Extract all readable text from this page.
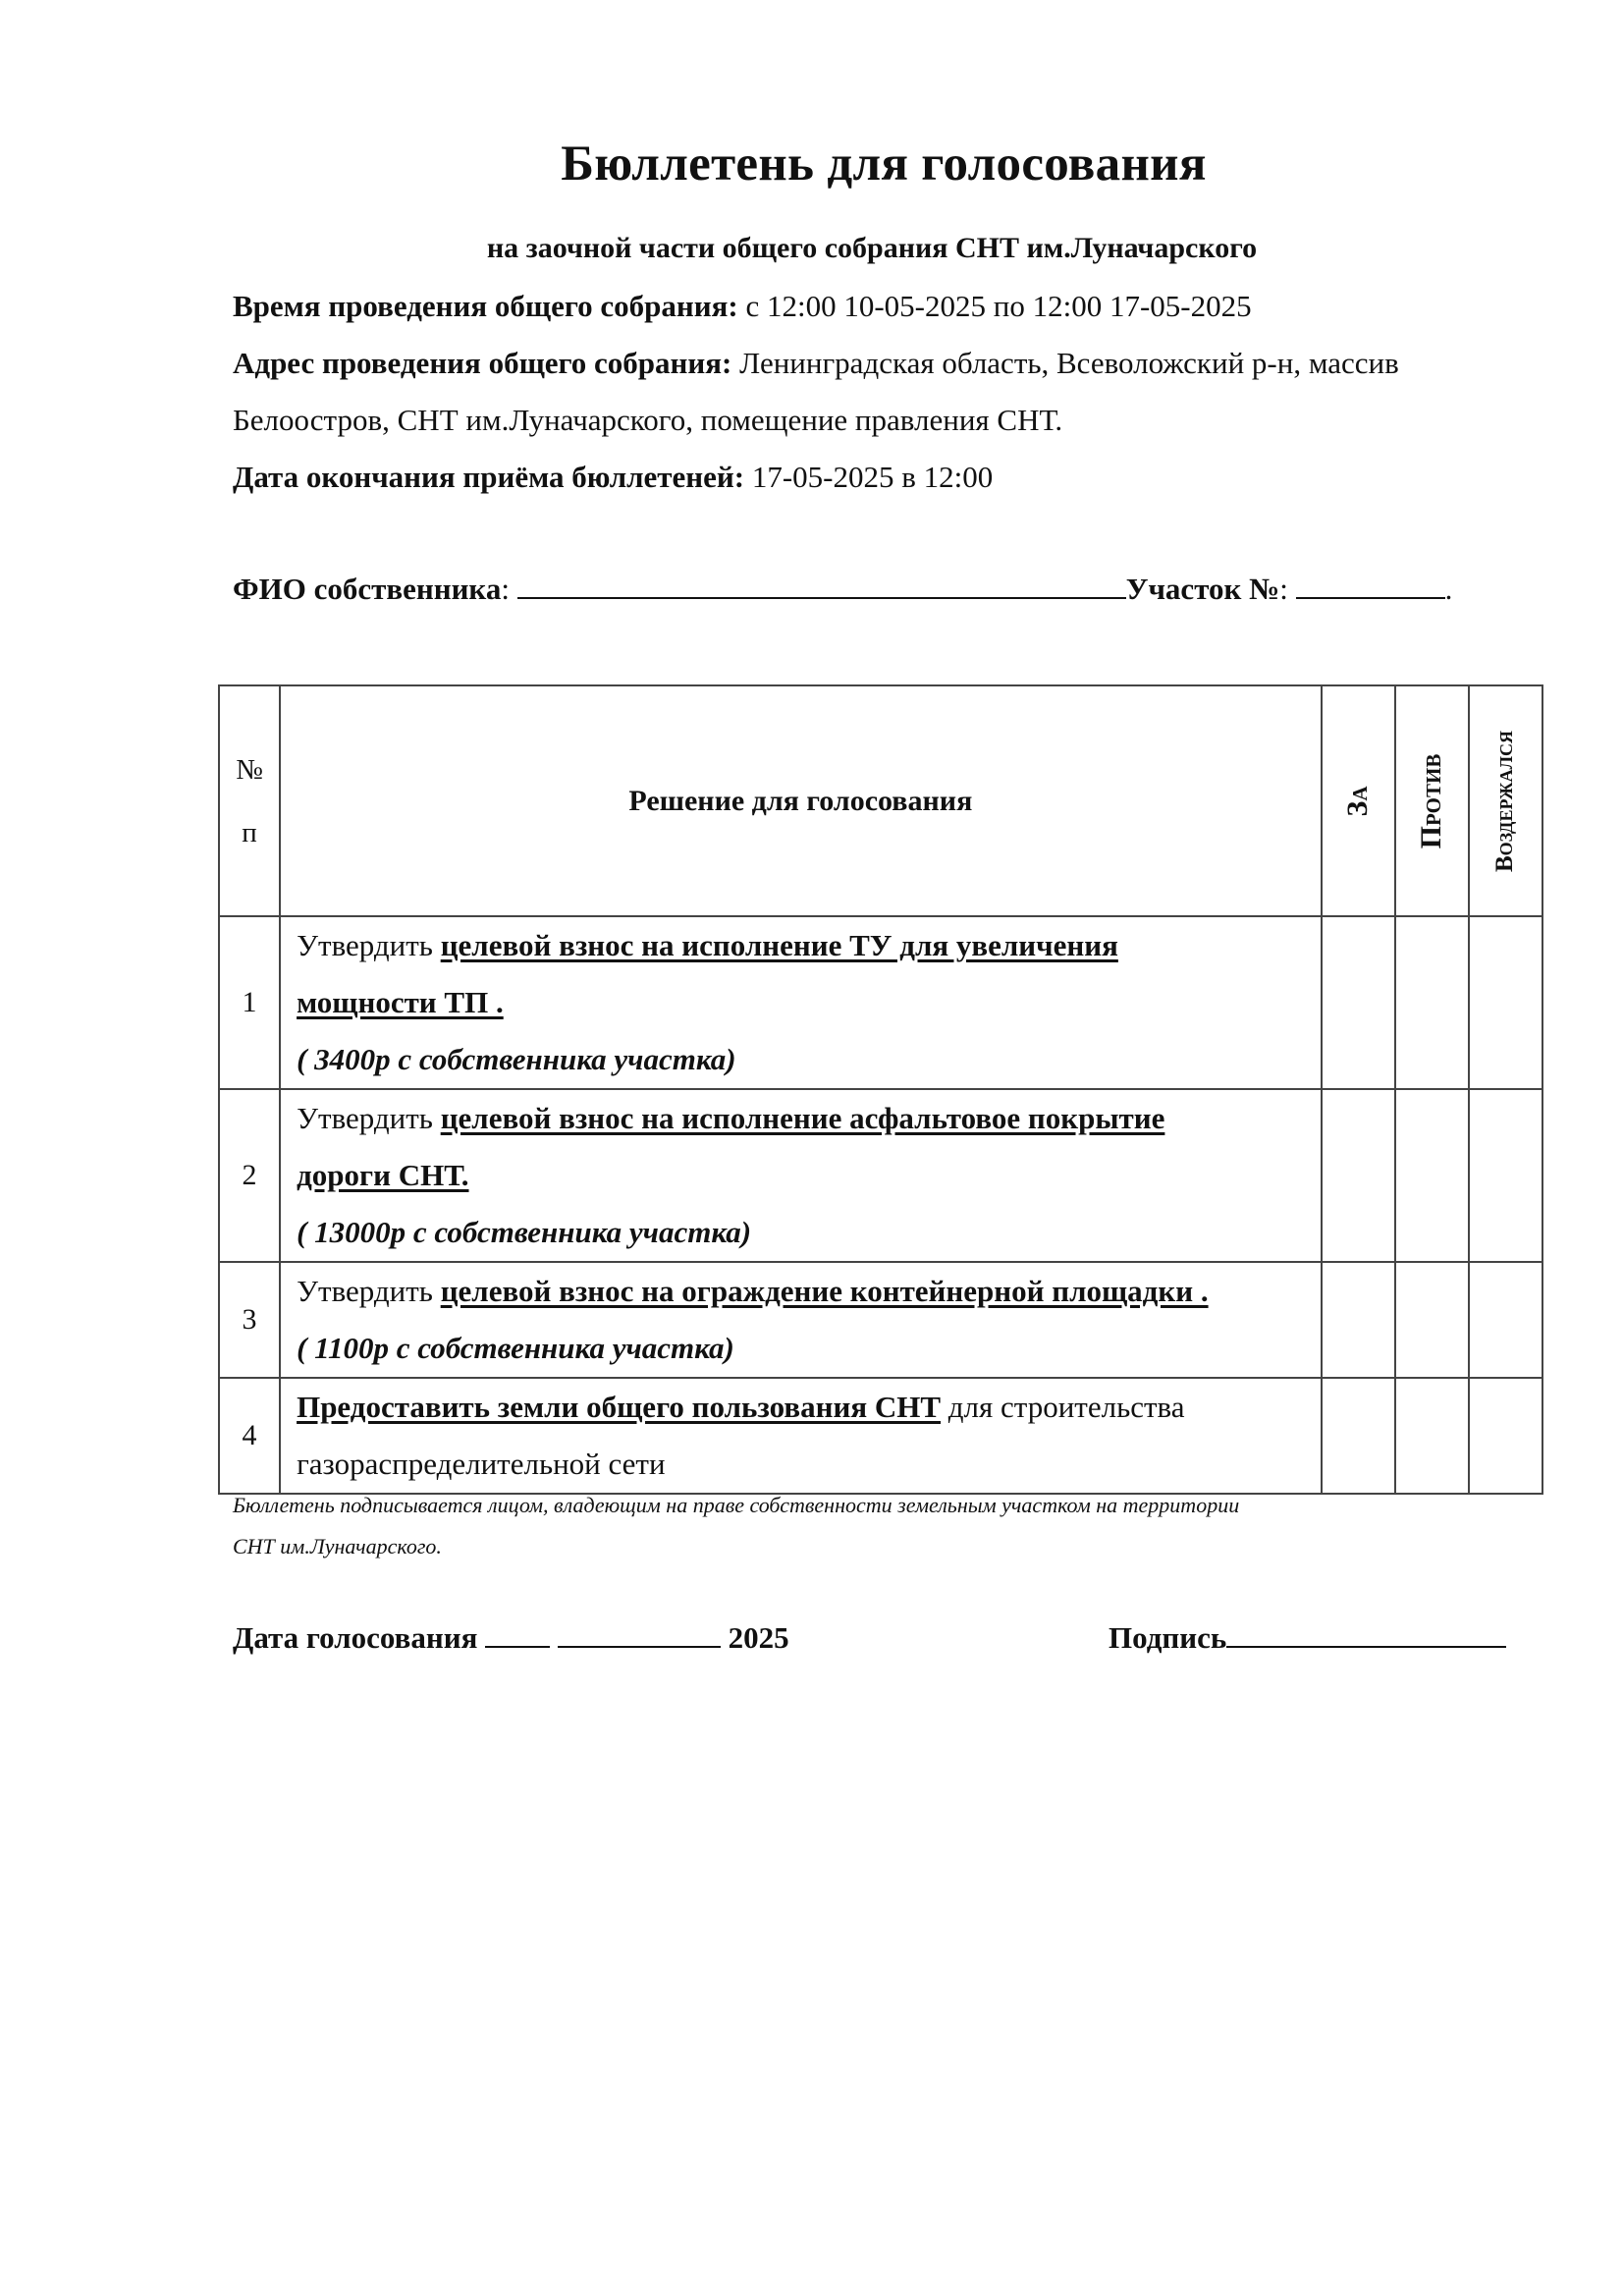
Бюллетень для голосования
на заочной части общего собрания СНТ им.Луначарского
Время проведения общего собрания: с 12:00 10-05-2025 по 12:00 17-05-2025
Адрес проведения общего собрания: Ленинградская область, Всеволожский р-н, массив
Белоостров, СНТ им.Луначарского, помещение правления СНТ.
Дата окончания приёма бюллетеней: 17-05-2025 в 12:00
ФИО собственника:	Участок №:	.
№
п	Решение для голосования	За	Против	Воздержался

1	Утвердить целевой взнос на исполнение ТУ для увеличения
мощности ТП .
( 3400р с собственника участка)			
2	Утвердить целевой взнос на исполнение асфальтовое покрытие
дороги СНТ.
( 13000р с собственника участка)			
3	Утвердить целевой взнос на ограждение контейнерной площадки .
( 1100р с собственника участка)			
4	Предоставить земли общего пользования СНТ для строительства
газораспределительной сети			
Бюллетень подписывается лицом, владеющим на праве собственности земельным участком на территории
СНТ им.Луначарского.
Дата голосования	2025	Подпись
